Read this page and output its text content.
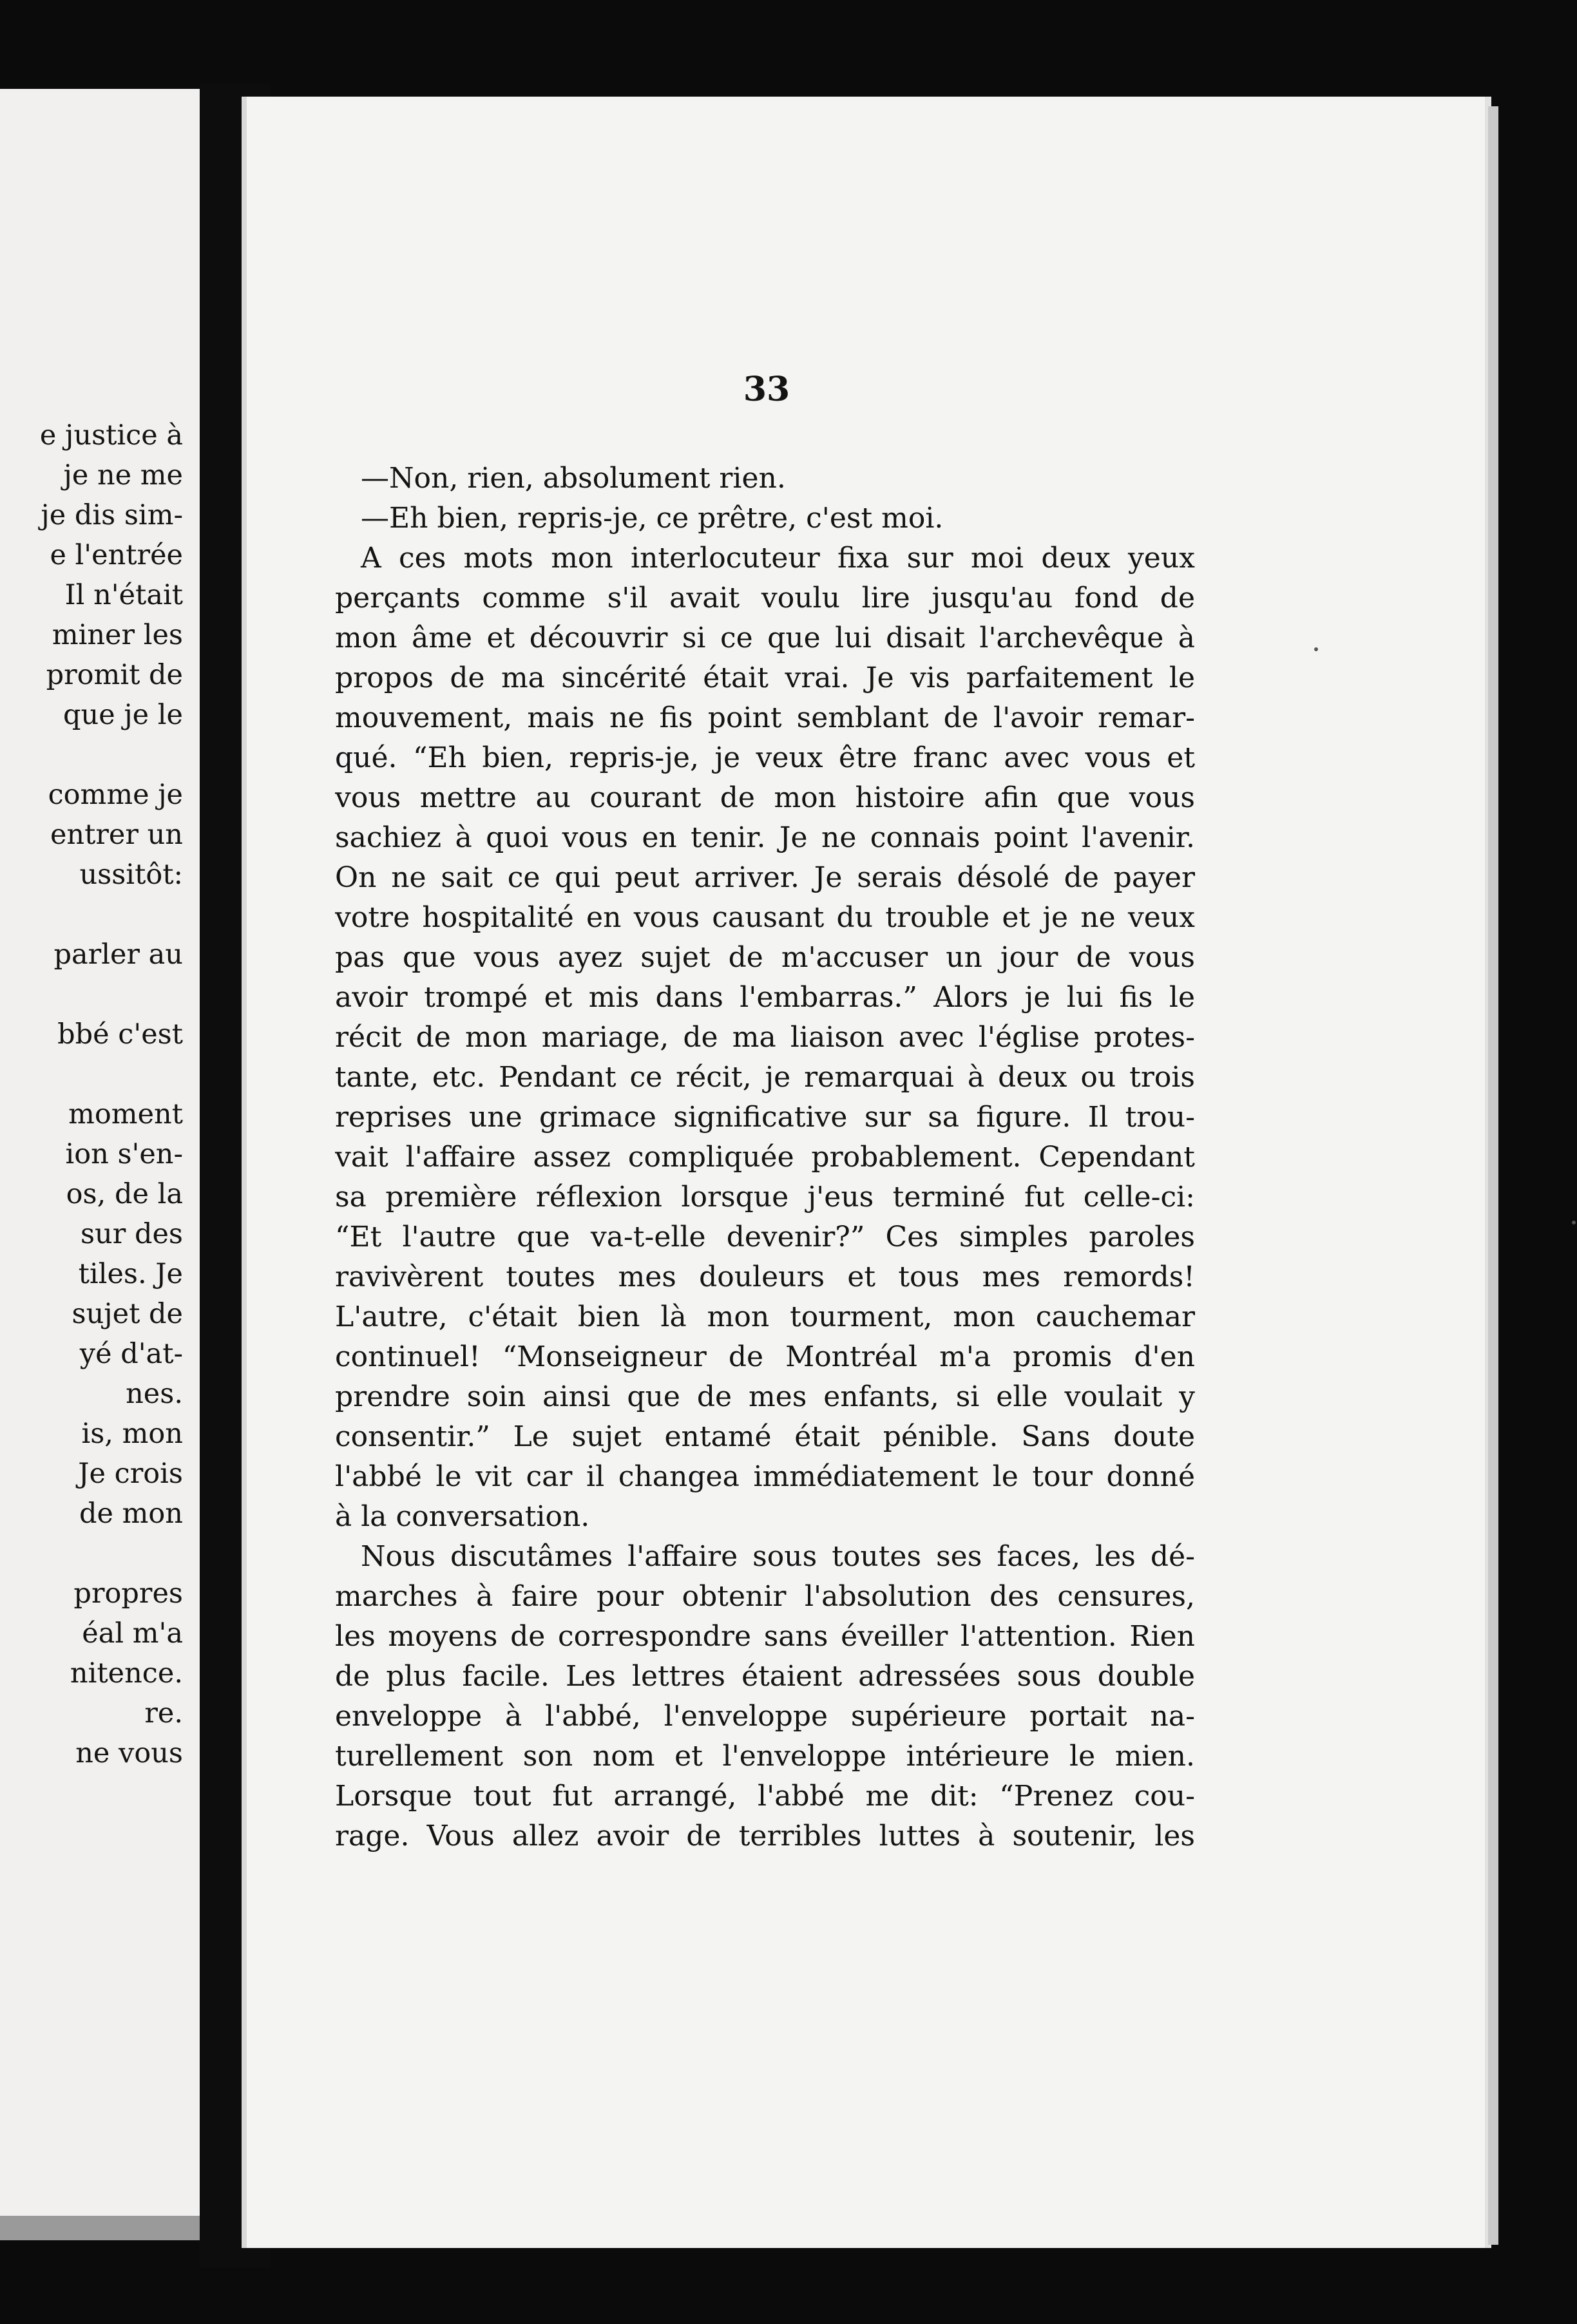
e justice à
je ne me
je dis sim-
e l'entrée
Il n'était
miner les
promit de
que je le
comme je
entrer un
ussitôt:
parler au
bbé c'est
moment
ion s'en-
os, de la
sur des
tiles. Je
sujet de
yé d'at-
nes.
is, mon
Je crois
de mon
propres
éal m'a
nitence.
re.
ne vous
33
—Non, rien, absolument rien.
—Eh bien, repris-je, ce prêtre, c'est moi.
A ces mots mon interlocuteur fixa sur moi deux yeux
perçants comme s'il avait voulu lire jusqu'au fond de
mon âme et découvrir si ce que lui disait l'archevêque à
propos de ma sincérité était vrai. Je vis parfaitement le
mouvement, mais ne fis point semblant de l'avoir remar-
qué. “Eh bien, repris-je, je veux être franc avec vous et
vous mettre au courant de mon histoire afin que vous
sachiez à quoi vous en tenir. Je ne connais point l'avenir.
On ne sait ce qui peut arriver. Je serais désolé de payer
votre hospitalité en vous causant du trouble et je ne veux
pas que vous ayez sujet de m'accuser un jour de vous
avoir trompé et mis dans l'embarras.” Alors je lui fis le
récit de mon mariage, de ma liaison avec l'église protes-
tante, etc. Pendant ce récit, je remarquai à deux ou trois
reprises une grimace significative sur sa figure. Il trou-
vait l'affaire assez compliquée probablement. Cependant
sa première réflexion lorsque j'eus terminé fut celle-ci:
“Et l'autre que va-t-elle devenir?” Ces simples paroles
ravivèrent toutes mes douleurs et tous mes remords!
L'autre, c'était bien là mon tourment, mon cauchemar
continuel! “Monseigneur de Montréal m'a promis d'en
prendre soin ainsi que de mes enfants, si elle voulait y
consentir.” Le sujet entamé était pénible. Sans doute
l'abbé le vit car il changea immédiatement le tour donné
à la conversation.
Nous discutâmes l'affaire sous toutes ses faces, les dé-
marches à faire pour obtenir l'absolution des censures,
les moyens de correspondre sans éveiller l'attention. Rien
de plus facile. Les lettres étaient adressées sous double
enveloppe à l'abbé, l'enveloppe supérieure portait na-
turellement son nom et l'enveloppe intérieure le mien.
Lorsque tout fut arrangé, l'abbé me dit: “Prenez cou-
rage. Vous allez avoir de terribles luttes à soutenir, les
